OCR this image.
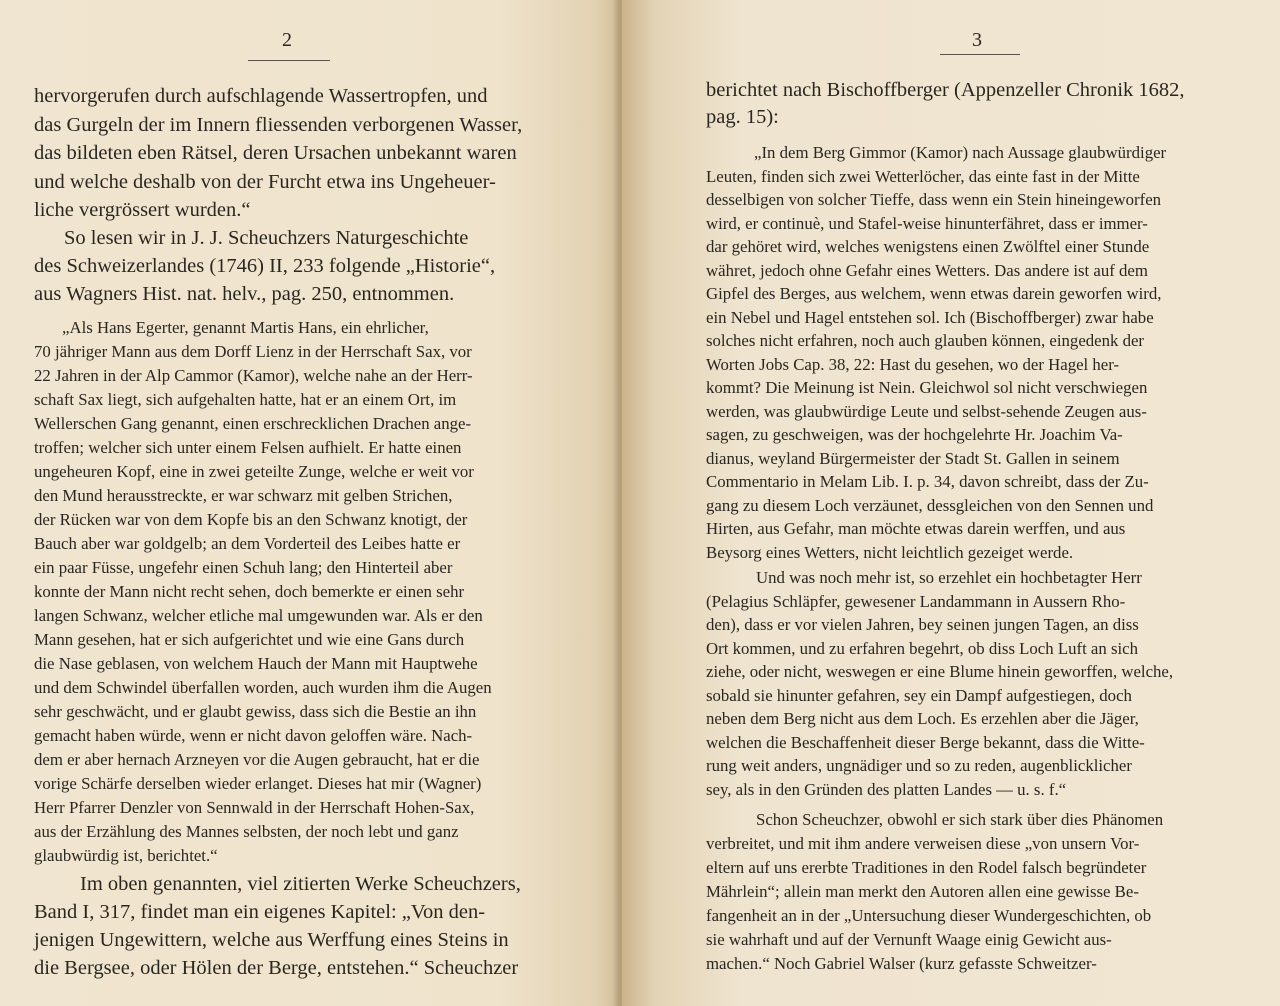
2
hervorgerufen durch aufschlagende Wassertropfen, und
das Gurgeln der im Innern fliessenden verborgenen Wasser,
das bildeten eben Rätsel, deren Ursachen unbekannt waren
und welche deshalb von der Furcht etwa ins Ungeheuer-
liche vergrössert wurden.“
So lesen wir in J. J. Scheuchzers Naturgeschichte
des Schweizerlandes (1746) II, 233 folgende „Historie“,
aus Wagners Hist. nat. helv., pag. 250, entnommen.
„Als Hans Egerter, genannt Martis Hans, ein ehrlicher,
70 jähriger Mann aus dem Dorff Lienz in der Herrschaft Sax, vor
22 Jahren in der Alp Cammor (Kamor), welche nahe an der Herr-
schaft Sax liegt, sich aufgehalten hatte, hat er an einem Ort, im
Wellerschen Gang genannt, einen erschrecklichen Drachen ange-
troffen; welcher sich unter einem Felsen aufhielt. Er hatte einen
ungeheuren Kopf, eine in zwei geteilte Zunge, welche er weit vor
den Mund herausstreckte, er war schwarz mit gelben Strichen,
der Rücken war von dem Kopfe bis an den Schwanz knotigt, der
Bauch aber war goldgelb; an dem Vorderteil des Leibes hatte er
ein paar Füsse, ungefehr einen Schuh lang; den Hinterteil aber
konnte der Mann nicht recht sehen, doch bemerkte er einen sehr
langen Schwanz, welcher etliche mal umgewunden war. Als er den
Mann gesehen, hat er sich aufgerichtet und wie eine Gans durch
die Nase geblasen, von welchem Hauch der Mann mit Hauptwehe
und dem Schwindel überfallen worden, auch wurden ihm die Augen
sehr geschwächt, und er glaubt gewiss, dass sich die Bestie an ihn
gemacht haben würde, wenn er nicht davon geloffen wäre. Nach-
dem er aber hernach Arzneyen vor die Augen gebraucht, hat er die
vorige Schärfe derselben wieder erlanget. Dieses hat mir (Wagner)
Herr Pfarrer Denzler von Sennwald in der Herrschaft Hohen-Sax,
aus der Erzählung des Mannes selbsten, der noch lebt und ganz
glaubwürdig ist, berichtet.“
Im oben genannten, viel zitierten Werke Scheuchzers,
Band I, 317, findet man ein eigenes Kapitel: „Von den-
jenigen Ungewittern, welche aus Werffung eines Steins in
die Bergsee, oder Hölen der Berge, entstehen.“ Scheuchzer
3
berichtet nach Bischoffberger (Appenzeller Chronik 1682,
pag. 15):
„In dem Berg Gimmor (Kamor) nach Aussage glaubwürdiger
Leuten, finden sich zwei Wetterlöcher, das einte fast in der Mitte
desselbigen von solcher Tieffe, dass wenn ein Stein hineingeworfen
wird, er continuè, und Stafel-weise hinunterfähret, dass er immer-
dar gehöret wird, welches wenigstens einen Zwölftel einer Stunde
währet, jedoch ohne Gefahr eines Wetters. Das andere ist auf dem
Gipfel des Berges, aus welchem, wenn etwas darein geworfen wird,
ein Nebel und Hagel entstehen sol. Ich (Bischoffberger) zwar habe
solches nicht erfahren, noch auch glauben können, eingedenk der
Worten Jobs Cap. 38, 22: Hast du gesehen, wo der Hagel her-
kommt? Die Meinung ist Nein. Gleichwol sol nicht verschwiegen
werden, was glaubwürdige Leute und selbst-sehende Zeugen aus-
sagen, zu geschweigen, was der hochgelehrte Hr. Joachim Va-
dianus, weyland Bürgermeister der Stadt St. Gallen in seinem
Commentario in Melam Lib. I. p. 34, davon schreibt, dass der Zu-
gang zu diesem Loch verzäunet, dessgleichen von den Sennen und
Hirten, aus Gefahr, man möchte etwas darein werffen, und aus
Beysorg eines Wetters, nicht leichtlich gezeiget werde.
Und was noch mehr ist, so erzehlet ein hochbetagter Herr
(Pelagius Schläpfer, gewesener Landammann in Aussern Rho-
den), dass er vor vielen Jahren, bey seinen jungen Tagen, an diss
Ort kommen, und zu erfahren begehrt, ob diss Loch Luft an sich
ziehe, oder nicht, weswegen er eine Blume hinein geworffen, welche,
sobald sie hinunter gefahren, sey ein Dampf aufgestiegen, doch
neben dem Berg nicht aus dem Loch. Es erzehlen aber die Jäger,
welchen die Beschaffenheit dieser Berge bekannt, dass die Witte-
rung weit anders, ungnädiger und so zu reden, augenblicklicher
sey, als in den Gründen des platten Landes — u. s. f.“
Schon Scheuchzer, obwohl er sich stark über dies Phänomen
verbreitet, und mit ihm andere verweisen diese „von unsern Vor-
eltern auf uns ererbte Traditiones in den Rodel falsch begründeter
Mährlein“; allein man merkt den Autoren allen eine gewisse Be-
fangenheit an in der „Untersuchung dieser Wundergeschichten, ob
sie wahrhaft und auf der Vernunft Waage einig Gewicht aus-
machen.“ Noch Gabriel Walser (kurz gefasste Schweitzer-
